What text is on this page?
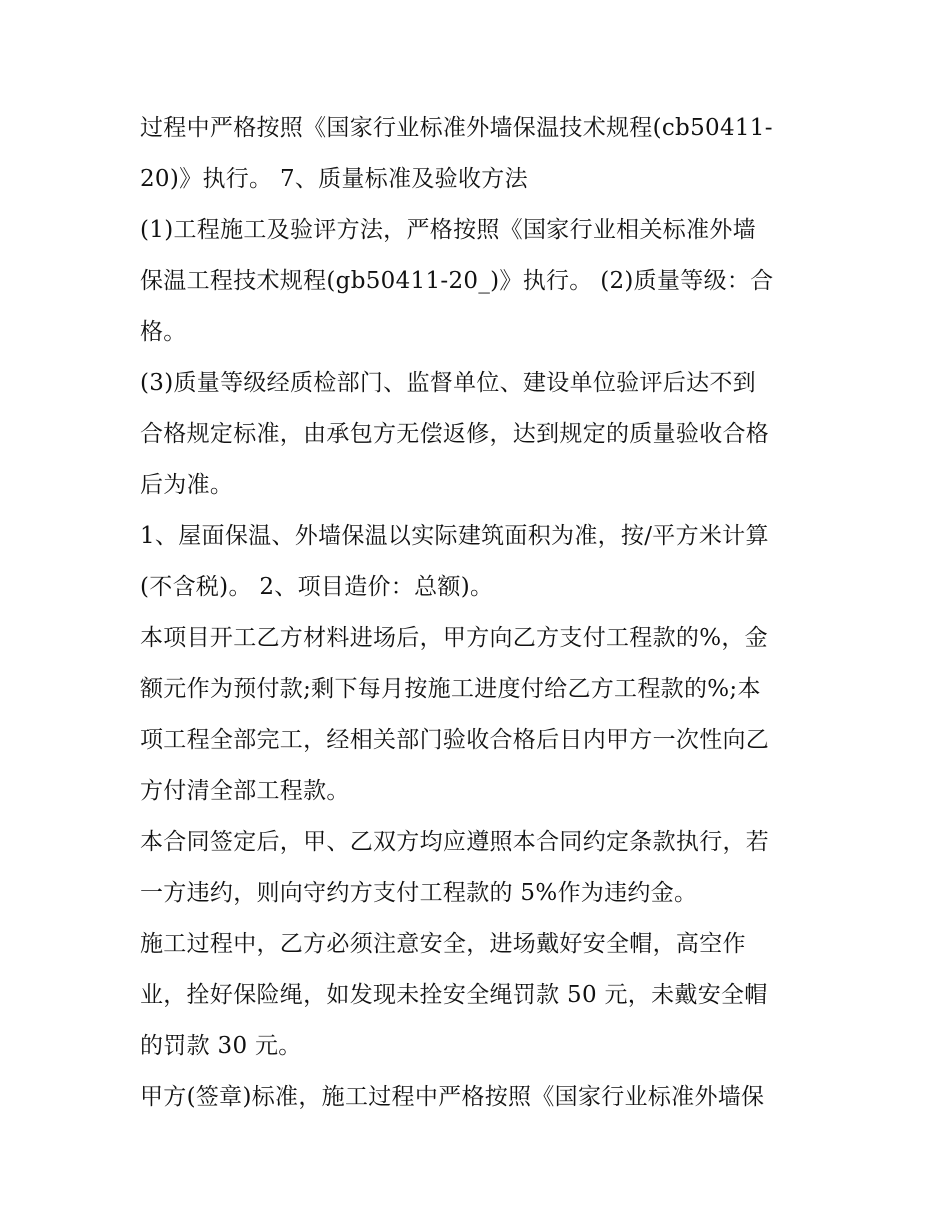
过程中严格按照《国家行业标准外墙保温技术规程(cb50411-
20)》执行。 7、质量标准及验收方法
(1)工程施工及验评方法，严格按照《国家行业相关标准外墙
保温工程技术规程(gb50411-20_)》执行。 (2)质量等级：合
格。
(3)质量等级经质检部门、监督单位、建设单位验评后达不到
合格规定标准，由承包方无偿返修，达到规定的质量验收合格
后为准。
1、屋面保温、外墙保温以实际建筑面积为准，按/平方米计算
(不含税)。 2、项目造价：总额)。
本项目开工乙方材料进场后，甲方向乙方支付工程款的%，金
额元作为预付款;剩下每月按施工进度付给乙方工程款的%;本
项工程全部完工，经相关部门验收合格后日内甲方一次性向乙
方付清全部工程款。
本合同签定后，甲、乙双方均应遵照本合同约定条款执行，若
一方违约，则向守约方支付工程款的 5%作为违约金。
施工过程中，乙方必须注意安全，进场戴好安全帽，高空作
业，拴好保险绳，如发现未拴安全绳罚款 50 元，未戴安全帽
的罚款 30 元。
甲方(签章)标准，施工过程中严格按照《国家行业标准外墙保
